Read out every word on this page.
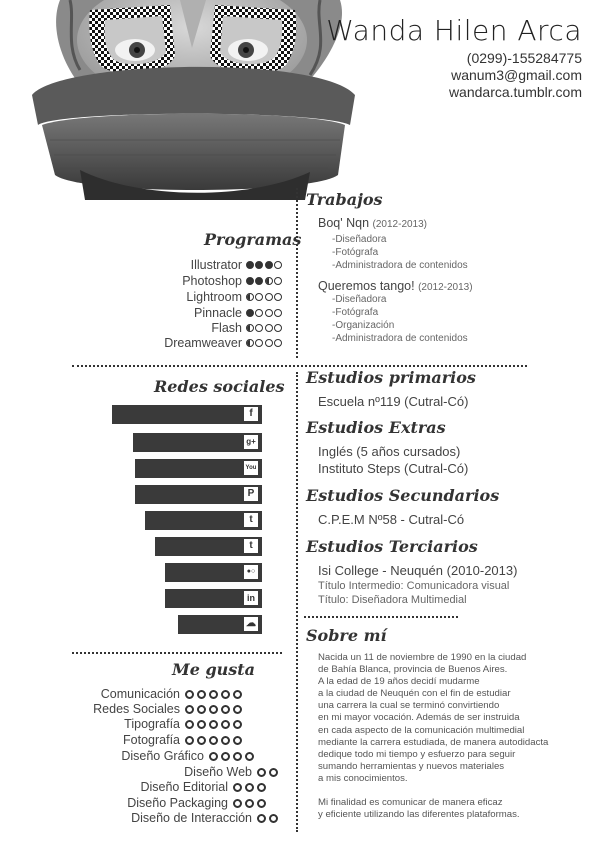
Wanda Hilen Arca
(0299)-155284775
wanum3@gmail.com
wandarca.tumblr.com
Programas
Illustrator
Photoshop
Lightroom
Pinnacle
Flash
Dreamweaver
Trabajos
Boq' Nqn (2012-2013)
-Diseñadora
-Fotógrafa
-Administradora de contenidos
Queremos tango! (2012-2013)
-Diseñadora
-Fotógrafa
-Organización
-Administradora de contenidos
Redes sociales
f
g+
You
P
t
t
●○
in
☁
Estudios primarios
Escuela nº119 (Cutral-Có)
Estudios Extras
Inglés (5 años cursados)
Instituto Steps (Cutral-Có)
Estudios Secundarios
C.P.E.M Nº58 - Cutral-Có
Estudios Terciarios
Isi College - Neuquén (2010-2013)
Título Intermedio: Comunicadora visual
Título: Diseñadora Multimedial
Me gusta
Comunicación
Redes Sociales
Tipografía
Fotografía
Diseño Gráfico
Diseño Web
Diseño Editorial
Diseño Packaging
Diseño de Interacción
Sobre mí
Nacida un 11 de noviembre de 1990 en la ciudad
de Bahía Blanca, provincia de Buenos Aires.
A la edad de 19 años decidí mudarme
a la ciudad de Neuquén con el fin de estudiar
una carrera la cual se terminó convirtiendo
en mi mayor vocación. Además de ser instruida
en cada aspecto de la comunicación multimedial
mediante la carrera estudiada, de manera autodidacta
dedique todo mi tiempo y esfuerzo para seguir
sumando herramientas y nuevos materiales
a mis conocimientos.
Mi finalidad es comunicar de manera eficaz
y eficiente utilizando las diferentes plataformas.
